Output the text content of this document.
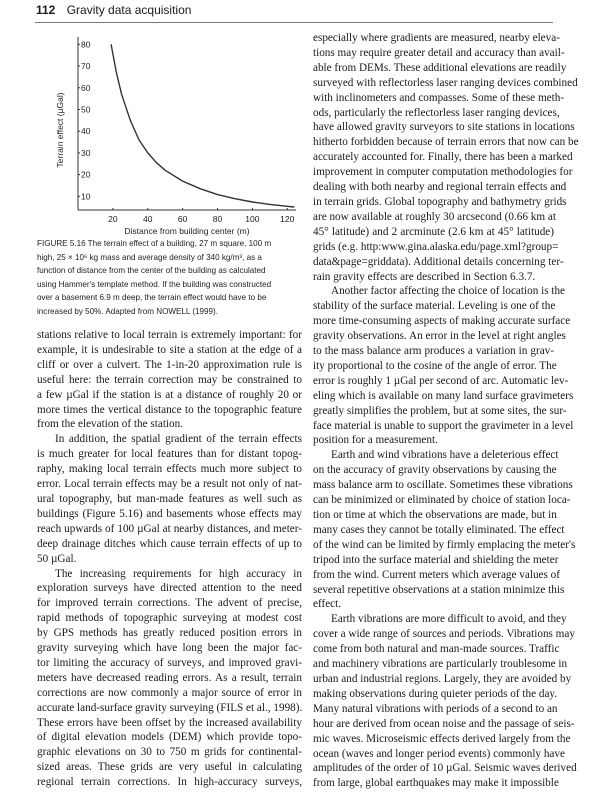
112 Gravity data acquisition
10
20
30
40
50
60
70
80
20	40	60	80	100 120
Distance from building center (m)
Terrain effect (µGal)
FIGURE 5.16 The terrain effect of a building, 27 m square, 100 m
high, 25 × 10⁶ kg mass and average density of 340 kg/m³, as a
function of distance from the center of the building as calculated
using Hammer's template method. If the building was constructed
over a basement 6.9 m deep, the terrain effect would have to be
increased by 50%. Adapted from NOWELL (1999).
stations relative to local terrain is extremely important: for
example, it is undesirable to site a station at the edge of a
cliff or over a culvert. The 1-in-20 approximation rule is
useful here: the terrain correction may be constrained to
a few µGal if the station is at a distance of roughly 20 or
more times the vertical distance to the topographic feature
from the elevation of the station.
In addition, the spatial gradient of the terrain effects
is much greater for local features than for distant topog-
raphy, making local terrain effects much more subject to
error. Local terrain effects may be a result not only of nat-
ural topography, but man-made features as well such as
buildings (Figure 5.16) and basements whose effects may
reach upwards of 100 µGal at nearby distances, and meter-
deep drainage ditches which cause terrain effects of up to
50 µGal.
The increasing requirements for high accuracy in
exploration surveys have directed attention to the need
for improved terrain corrections. The advent of precise,
rapid methods of topographic surveying at modest cost
by GPS methods has greatly reduced position errors in
gravity surveying which have long been the major fac-
tor limiting the accuracy of surveys, and improved gravi-
meters have decreased reading errors. As a result, terrain
corrections are now commonly a major source of error in
accurate land-surface gravity surveying (FILS et al., 1998).
These errors have been offset by the increased availability
of digital elevation models (DEM) which provide topo-
graphic elevations on 30 to 750 m grids for continental-
sized areas. These grids are very useful in calculating
regional terrain corrections. In high-accuracy surveys,
especially where gradients are measured, nearby eleva-
tions may require greater detail and accuracy than avail-
able from DEMs. These additional elevations are readily
surveyed with reflectorless laser ranging devices combined
with inclinometers and compasses. Some of these meth-
ods, particularly the reflectorless laser ranging devices,
have allowed gravity surveyors to site stations in locations
hitherto forbidden because of terrain errors that now can be
accurately accounted for. Finally, there has been a marked
improvement in computer computation methodologies for
dealing with both nearby and regional terrain effects and
in terrain grids. Global topography and bathymetry grids
are now available at roughly 30 arcsecond (0.66 km at
45° latitude) and 2 arcminute (2.6 km at 45° latitude)
grids (e.g. http:www.gina.alaska.edu/page.xml?group=
data&page=griddata). Additional details concerning ter-
rain gravity effects are described in Section 6.3.7.
Another factor affecting the choice of location is the
stability of the surface material. Leveling is one of the
more time-consuming aspects of making accurate surface
gravity observations. An error in the level at right angles
to the mass balance arm produces a variation in grav-
ity proportional to the cosine of the angle of error. The
error is roughly 1 µGal per second of arc. Automatic lev-
eling which is available on many land surface gravimeters
greatly simplifies the problem, but at some sites, the sur-
face material is unable to support the gravimeter in a level
position for a measurement.
Earth and wind vibrations have a deleterious effect
on the accuracy of gravity observations by causing the
mass balance arm to oscillate. Sometimes these vibrations
can be minimized or eliminated by choice of station loca-
tion or time at which the observations are made, but in
many cases they cannot be totally eliminated. The effect
of the wind can be limited by firmly emplacing the meter's
tripod into the surface material and shielding the meter
from the wind. Current meters which average values of
several repetitive observations at a station minimize this
effect.
Earth vibrations are more difficult to avoid, and they
cover a wide range of sources and periods. Vibrations may
come from both natural and man-made sources. Traffic
and machinery vibrations are particularly troublesome in
urban and industrial regions. Largely, they are avoided by
making observations during quieter periods of the day.
Many natural vibrations with periods of a second to an
hour are derived from ocean noise and the passage of seis-
mic waves. Microseismic effects derived largely from the
ocean (waves and longer period events) commonly have
amplitudes of the order of 10 µGal. Seismic waves derived
from large, global earthquakes may make it impossible
